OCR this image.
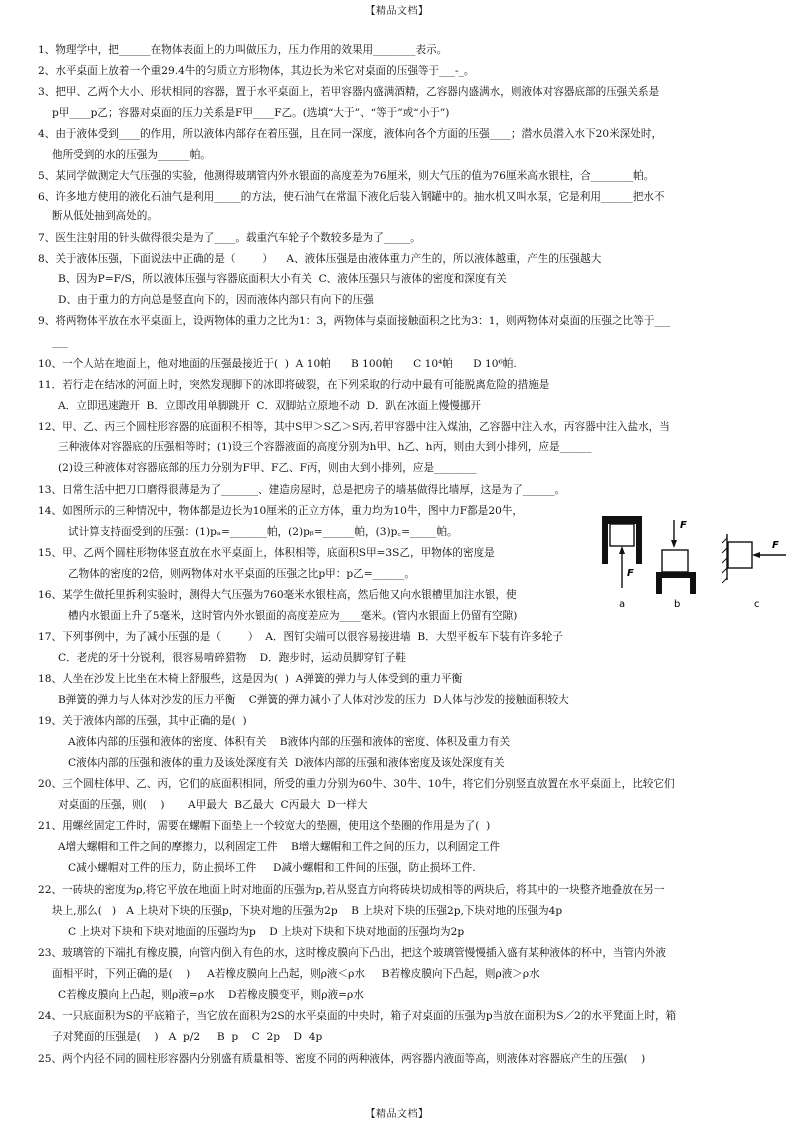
【精品文档】
1、物理学中，把______在物体表面上的力叫做压力，压力作用的效果用________表示。
2、水平桌面上放着一个重29.4牛的匀质立方形物体，其边长为米它对桌面的压强等于___-_。
3、把甲、乙两个大小、形状相同的容器，置于水平桌面上，若甲容器内盛满酒精，乙容器内盛满水，则液体对容器底部的压强关系是
p甲____p乙；容器对桌面的压力关系是F甲____F乙。(选填“大于”、“等于”或“小于”)
4、由于液体受到____的作用，所以液体内部存在着压强，且在同一深度，液体向各个方面的压强____；潜水员潜入水下20米深处时，
他所受到的水的压强为______帕。
5、某同学做测定大气压强的实验，他测得玻璃管内外水银面的高度差为76厘米，则大气压的值为76厘米高水银柱，合________帕。
6、许多地方使用的液化石油气是利用_____的方法，使石油气在常温下液化后装入钢罐中的。抽水机又叫水泵，它是利用______把水不
断从低处抽到高处的。
7、医生注射用的针头做得很尖是为了____。载重汽车轮子个数较多是为了_____。
8、关于液体压强，下面说法中正确的是（        ）    A、液体压强是由液体重力产生的，所以液体越重，产生的压强越大
B、因为P=F/S，所以液体压强与容器底面积大小有关  C、液体压强只与液体的密度和深度有关
D、由于重力的方向总是竖直向下的，因而液体内部只有向下的压强
9、将两物体平放在水平桌面上，设两物体的重力之比为1：3，两物体与桌面接触面积之比为3：1，则两物体对桌面的压强之比等于___
___
10、一个人站在地面上，他对地面的压强最接近于(  )  A 10帕      B 100帕      C 10⁴帕      D 10⁶帕.
11．若行走在结冰的河面上时，突然发现脚下的冰即将破裂，在下列采取的行动中最有可能脱离危险的措施是
A．立即迅速跑开  B．立即改用单脚跳开  C．双脚站立原地不动  D．趴在冰面上慢慢挪开
12、甲、乙、丙三个圆柱形容器的底面积不相等，其中S甲＞S乙＞S丙,若甲容器中注入煤油，乙容器中注入水，丙容器中注入盐水，当
三种液体对容器底的压强相等时；(1)设三个容器液面的高度分别为h甲、h乙、h丙，则由大到小排列，应是______
(2)设三种液体对容器底部的压力分别为F甲、F乙、F丙，则由大到小排列，应是________
13、日常生活中把刀口磨得很薄是为了_______、建造房屋时，总是把房子的墙基做得比墙厚，这是为了______。
14、如图所示的三种情况中，物体都是边长为10厘米的正立方体，重力均为10牛，图中力F都是20牛，
试计算支持面受到的压强：(1)pₐ=_______帕，(2)pᵦ=______帕，(3)p꜀=_____帕。
15、甲、乙两个圆柱形物体竖直放在水平桌面上，体积相等，底面积S甲=3S乙，甲物体的密度是
乙物体的密度的2倍，则两物体对水平桌面的压强之比p甲：p乙=______。
16、某学生做托里拆利实验时，测得大气压强为760毫米水银柱高，然后他又向水银槽里加注水银，使
槽内水银面上升了5毫米，这时管内外水银面的高度差应为____毫米。(管内水银面上仍留有空隙)
17、下列事例中，为了减小压强的是（        ）  A．图钉尖端可以很容易接进墙  B．大型平板车下装有许多轮子
C．老虎的牙十分锐利，很容易啃碎猎物    D．跑步时，运动员脚穿钉子鞋
18、人坐在沙发上比坐在木椅上舒服些，这是因为(  )  A弹簧的弹力与人体受到的重力平衡
B弹簧的弹力与人体对沙发的压力平衡    C弹簧的弹力减小了人体对沙发的压力  D人体与沙发的接触面积较大
19、关于液体内部的压强，其中正确的是(  )
A液体内部的压强和液体的密度、体积有关    B液体内部的压强和液体的密度、体积及重力有关
C液体内部的压强和液体的重力及该处深度有关  D液体内部的压强和液体密度及该处深度有关
20、三个圆柱体甲、乙、丙，它们的底面积相同，所受的重力分别为60牛、30牛、10牛，将它们分别竖直放置在水平桌面上，比较它们
对桌面的压强，则(    )       A甲最大  B乙最大  C丙最大  D一样大
21、用螺丝固定工件时，需要在螺帽下面垫上一个较宽大的垫圈，使用这个垫圈的作用是为了(  )
A增大螺帽和工件之间的摩擦力，以利固定工件    B增大螺帽和工件之间的压力，以利固定工件
C减小螺帽对工件的压力，防止损坏工件     D减小螺帽和工件间的压强，防止损坏工件.
22、一砖块的密度为ρ,将它平放在地面上时对地面的压强为p,若从竖直方向将砖块切成相等的两块后，将其中的一块整齐地叠放在另一
块上,那么(   )   A 上块对下块的压强p，下块对地的压强为2p    B 上块对下块的压强2p,下块对地的压强为4p
C 上块对下块和下块对地面的压强均为p    D 上块对下块和下块对地面的压强均为2p
23、玻璃管的下端扎有橡皮膜，向管内倒入有色的水，这时橡皮膜向下凸出，把这个玻璃管慢慢插入盛有某种液体的杯中，当管内外液
面相平时，下列正确的是(    )     A若橡皮膜向上凸起，则ρ液＜ρ水     B若橡皮膜向下凸起，则ρ液＞ρ水
C若橡皮膜向上凸起，则ρ液=ρ水    D若橡皮膜变平，则ρ液=ρ水
24、一只底面积为S的平底箱子，当它放在面积为2S的水平桌面的中央时，箱子对桌面的压强为p当放在面积为S／2的水平凳面上时，箱
子对凳面的压强是(    )   A  p/2     B  p    C  2p    D  4p
25、两个内径不同的圆柱形容器内分别盛有质量相等、密度不同的两种液体，两容器内液面等高，则液体对容器底产生的压强(    )
F
F
F
a	b	c
【精品文档】
